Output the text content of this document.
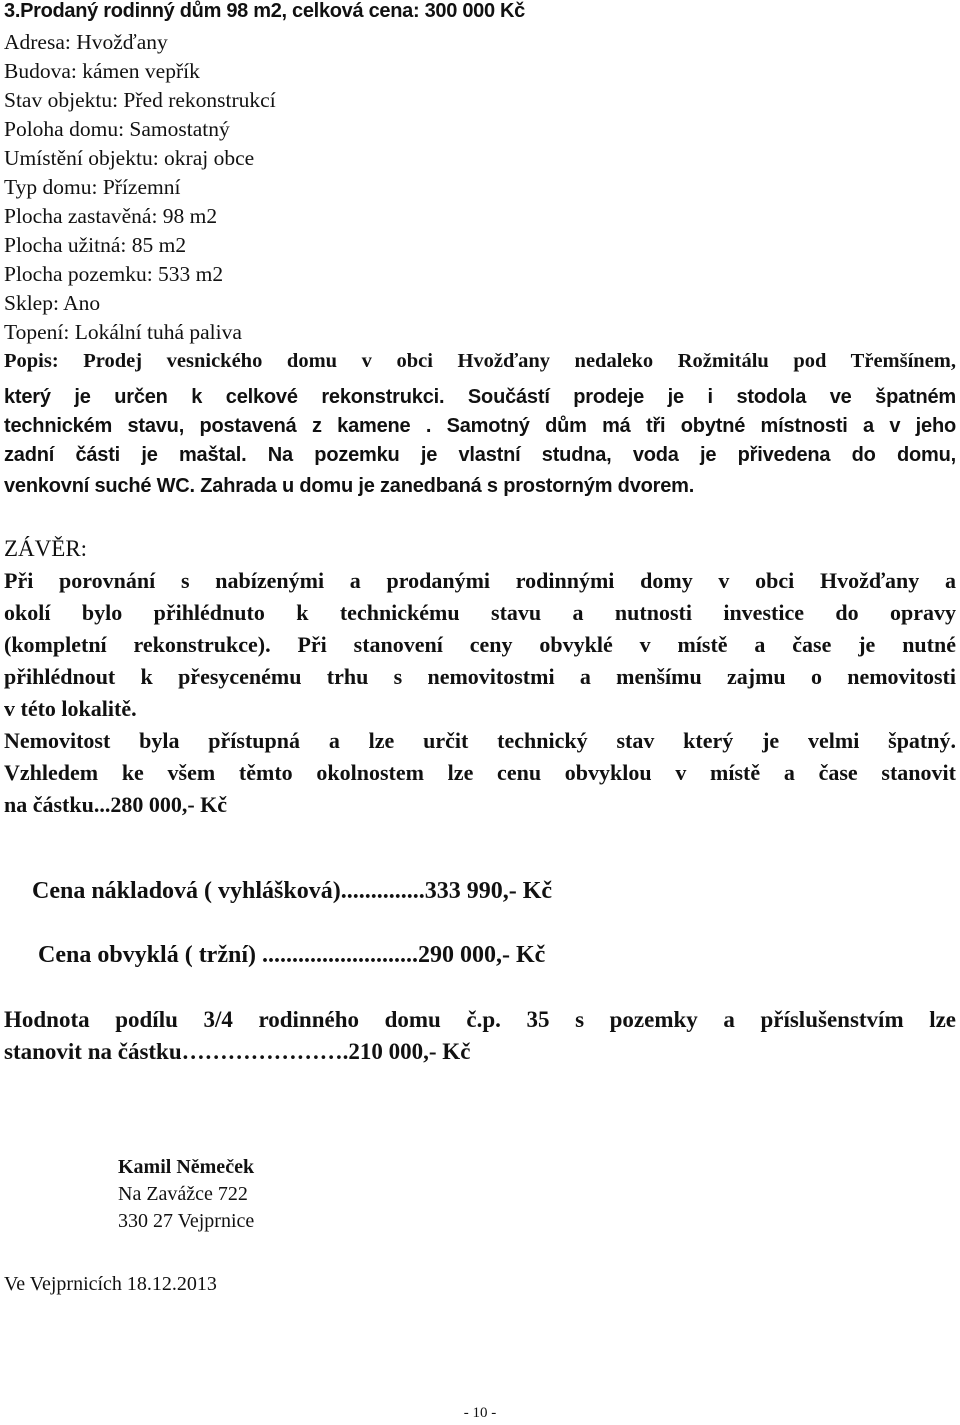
3.Prodaný rodinný dům 98 m2, celková cena: 300 000 Kč
Adresa: Hvožďany
Budova: kámen vepřík
Stav objektu: Před rekonstrukcí
Poloha domu: Samostatný
Umístění objektu: okraj obce
Typ domu: Přízemní
Plocha zastavěná: 98 m2
Plocha užitná: 85 m2
Plocha pozemku: 533 m2
Sklep: Ano
Topení: Lokální tuhá paliva
Popis: Prodej vesnického domu v obci Hvožďany nedaleko Rožmitálu pod Třemšínem,
který je určen k celkové rekonstrukci. Součástí prodeje je i stodola ve špatném
technickém stavu, postavená z kamene . Samotný dům má tři obytné místnosti a v jeho
zadní části je maštal. Na pozemku je vlastní studna, voda je přivedena do domu,
venkovní suché WC. Zahrada u domu je zanedbaná s prostorným dvorem.
ZÁVĚR:
Při porovnání s nabízenými a prodanými rodinnými domy v obci Hvožďany a
okolí bylo přihlédnuto k technickému stavu a nutnosti investice do opravy
(kompletní rekonstrukce). Při stanovení ceny obvyklé v místě a čase je nutné
přihlédnout k přesycenému trhu s nemovitostmi a menšímu zajmu o nemovitosti
v této lokalitě.
Nemovitost byla přístupná a lze určit technický stav který je velmi špatný.
Vzhledem ke všem těmto okolnostem lze cenu obvyklou v místě a čase stanovit
na částku...280 000,- Kč
Cena nákladová ( vyhlášková)..............333 990,- Kč
Cena obvyklá ( tržní) ..........................290 000,- Kč
Hodnota podílu 3/4 rodinného domu č.p. 35 s pozemky a příslušenstvím lze
stanovit na částku………………….210 000,- Kč
Kamil Němeček
Na Zavážce 722
330 27 Vejprnice
Ve Vejprnicích 18.12.2013
- 10 -
